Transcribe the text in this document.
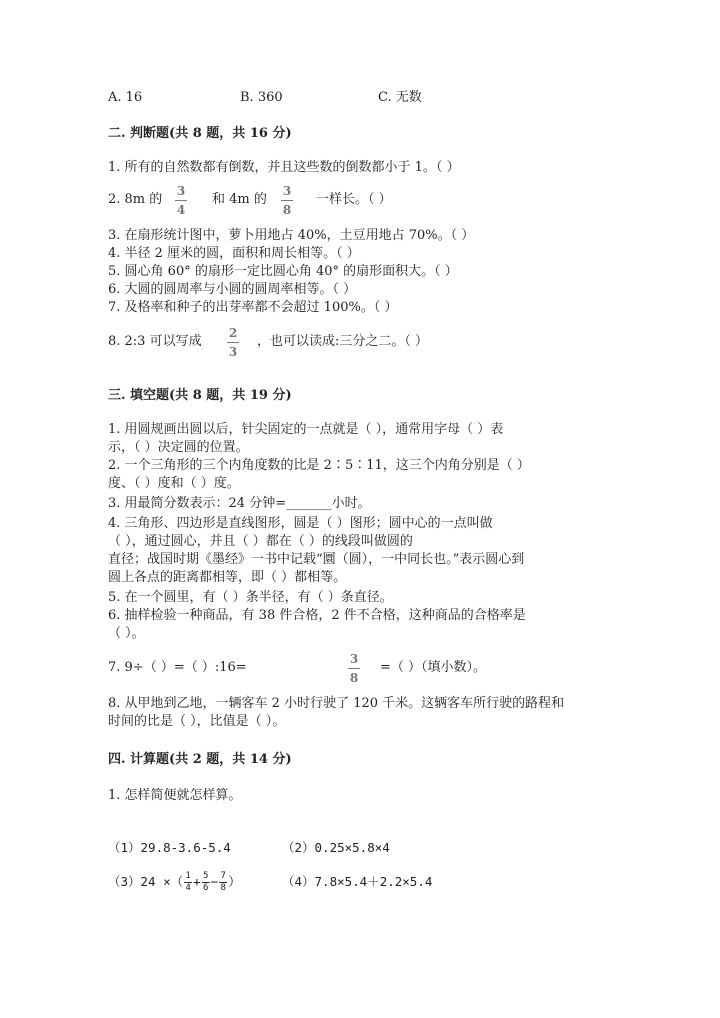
A. 16	B. 360	C. 无数
二. 判断题(共 8 题，共 16 分)
1. 所有的自然数都有倒数，并且这些数的倒数都小于 1。（ ）
2. 8m 的
3
4
和 4m 的
3
8
一样长。（ ）
3. 在扇形统计图中，萝卜用地占 40%，土豆用地占 70%。（ ）
4. 半径 2 厘米的圆，面积和周长相等。（ ）
5. 圆心角 60° 的扇形一定比圆心角 40° 的扇形面积大。（ ）
6. 大圆的圆周率与小圆的圆周率相等。（ ）
7. 及格率和种子的出芽率都不会超过 100%。（ ）
8. 2:3 可以写成
2
3
，也可以读成:三分之二。（ ）
三. 填空题(共 8 题，共 19 分)
1. 用圆规画出圆以后，针尖固定的一点就是（ ），通常用字母（ ）表
示，（ ）决定圆的位置。
2. 一个三角形的三个内角度数的比是 2∶5∶11，这三个内角分别是（ ）
度、（ ）度和（ ）度。
3. 用最简分数表示：24 分钟=_______小时。
4. 三角形、四边形是直线图形，圆是（ ）图形；圆中心的一点叫做
（ ），通过圆心，并且（ ）都在（ ）的线段叫做圆的
直径；战国时期《墨经》一书中记载“圜（圆），一中同长也。”表示圆心到
圆上各点的距离都相等，即（ ）都相等。
5. 在一个圆里，有（ ）条半径，有（ ）条直径。
6. 抽样检验一种商品，有 38 件合格，2 件不合格，这种商品的合格率是
（ ）。
7. 9÷（ ）=（ ）:16=
3
8
=（ ）（填小数）。
8. 从甲地到乙地，一辆客车 2 小时行驶了 120 千米。这辆客车所行驶的路程和
时间的比是（ ），比值是（ ）。
四. 计算题(共 2 题，共 14 分)
1. 怎样简便就怎样算。
（1）29.8-3.6-5.4	（2）0.25×5.8×4
（3）24 ×（ $\frac{1}{4} + \frac{5}{6} - \frac{7}{8}$ ）	（4）7.8×5.4＋2.2×5.4
